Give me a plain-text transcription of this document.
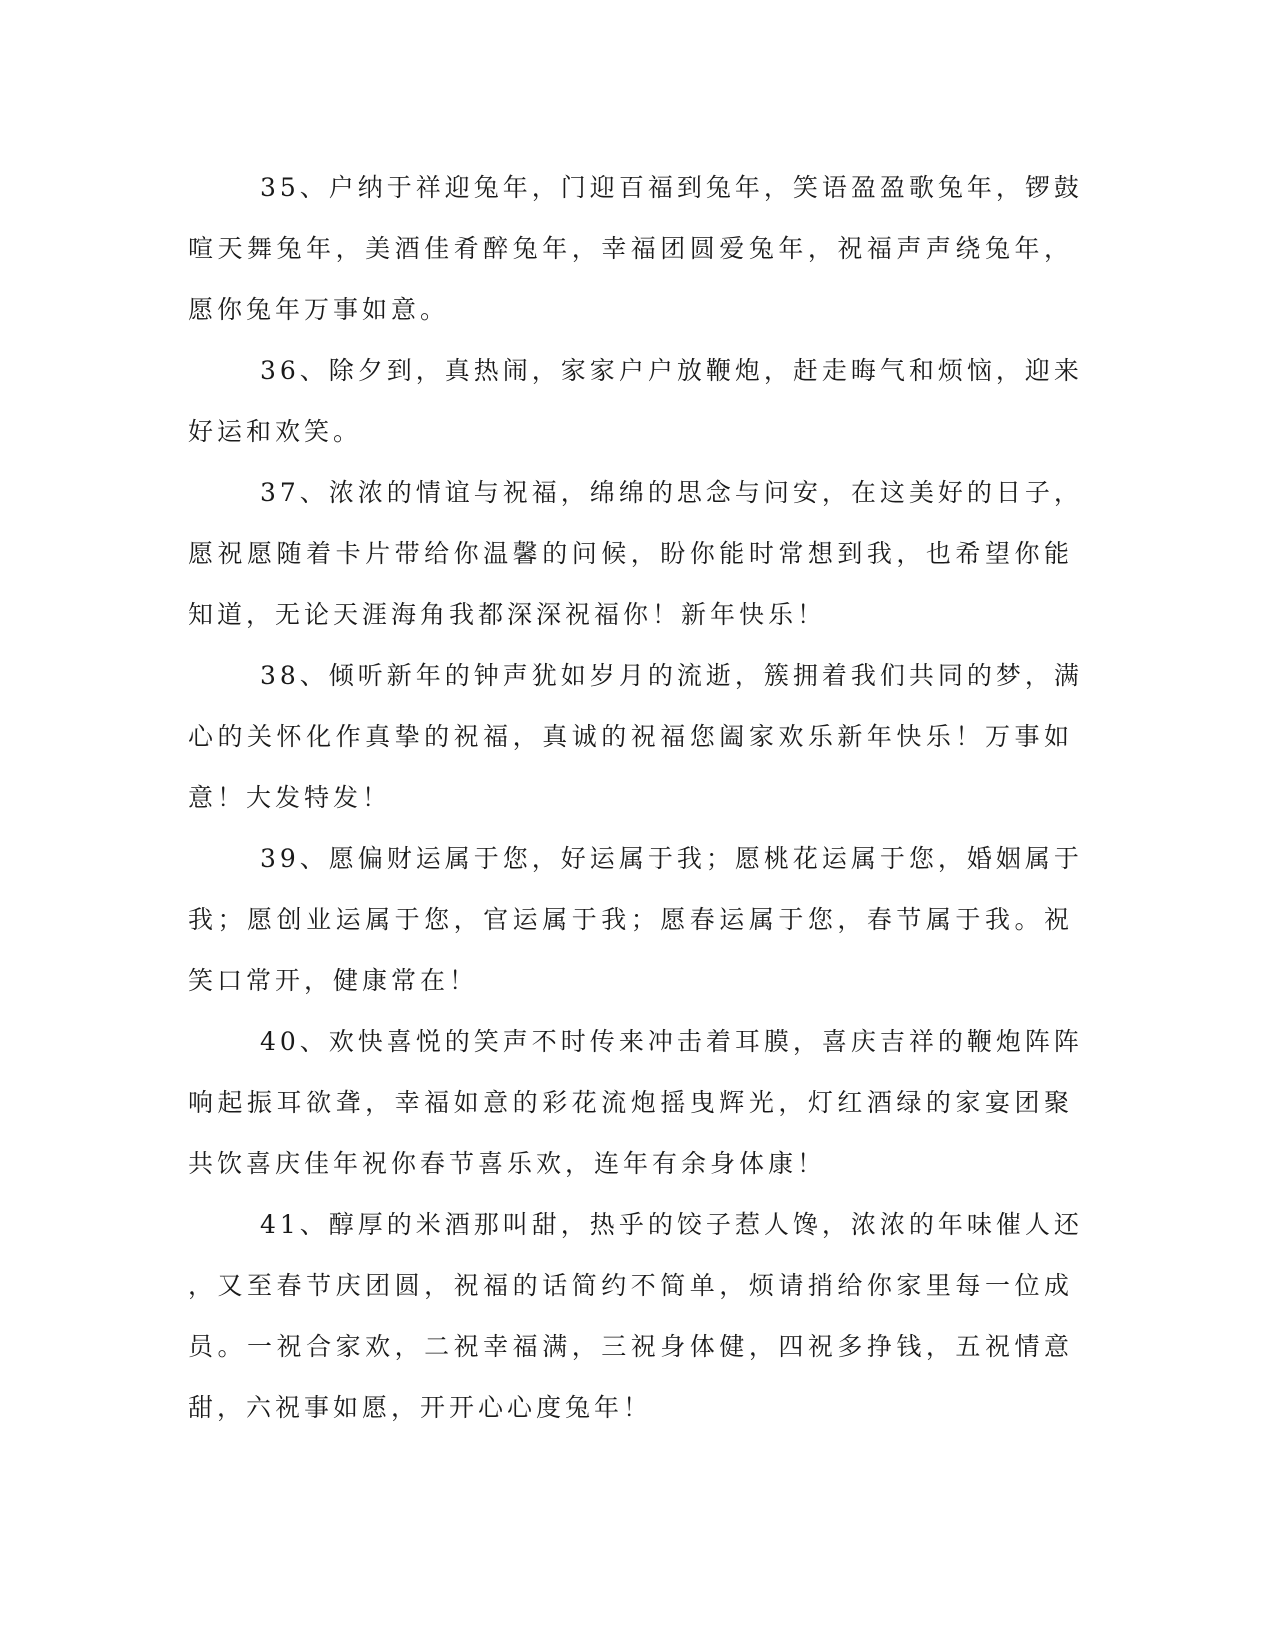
35、户纳于祥迎兔年，门迎百福到兔年，笑语盈盈歌兔年，锣鼓
喧天舞兔年，美酒佳肴醉兔年，幸福团圆爱兔年，祝福声声绕兔年，
愿你兔年万事如意。
36、除夕到，真热闹，家家户户放鞭炮，赶走晦气和烦恼，迎来
好运和欢笑。
37、浓浓的情谊与祝福，绵绵的思念与问安，在这美好的日子，
愿祝愿随着卡片带给你温馨的问候，盼你能时常想到我，也希望你能
知道，无论天涯海角我都深深祝福你！新年快乐！
38、倾听新年的钟声犹如岁月的流逝，簇拥着我们共同的梦，满
心的关怀化作真挚的祝福，真诚的祝福您阖家欢乐新年快乐！万事如
意！大发特发！
39、愿偏财运属于您，好运属于我；愿桃花运属于您，婚姻属于
我；愿创业运属于您，官运属于我；愿春运属于您，春节属于我。祝
笑口常开，健康常在！
40、欢快喜悦的笑声不时传来冲击着耳膜，喜庆吉祥的鞭炮阵阵
响起振耳欲聋，幸福如意的彩花流炮摇曳辉光，灯红酒绿的家宴团聚
共饮喜庆佳年祝你春节喜乐欢，连年有余身体康！
41、醇厚的米酒那叫甜，热乎的饺子惹人馋，浓浓的年味催人还
，又至春节庆团圆，祝福的话简约不简单，烦请捎给你家里每一位成
员。一祝合家欢，二祝幸福满，三祝身体健，四祝多挣钱，五祝情意
甜，六祝事如愿，开开心心度兔年！
